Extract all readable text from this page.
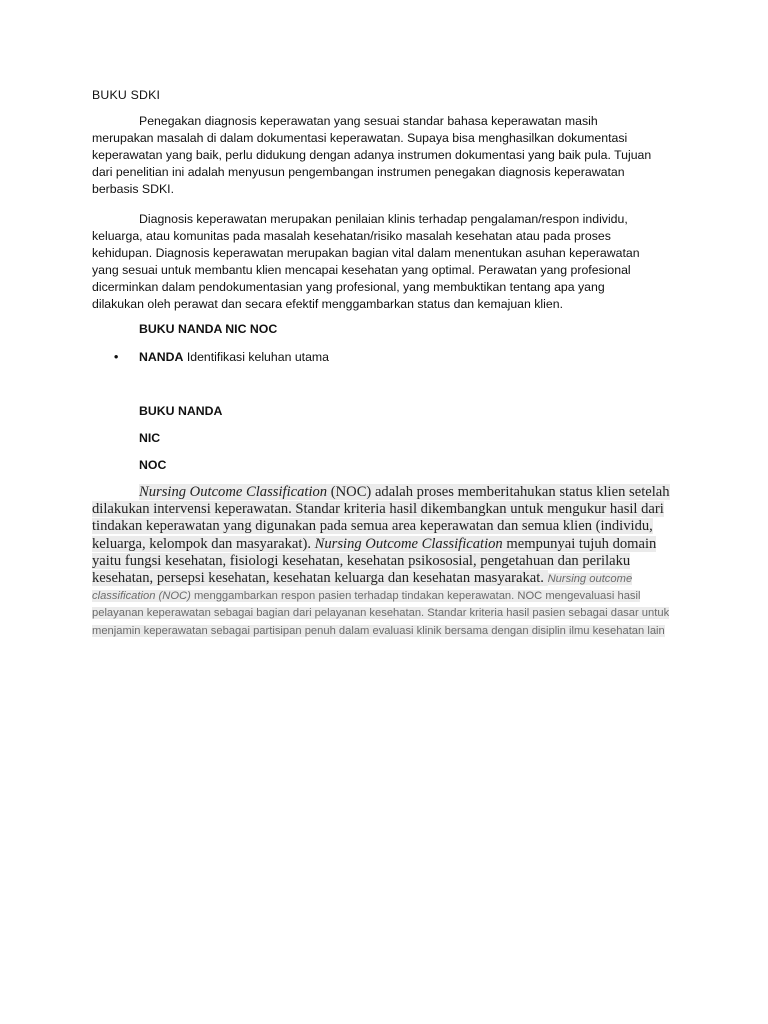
BUKU SDKI

Penegakan diagnosis keperawatan yang sesuai standar bahasa keperawatan masih merupakan masalah di dalam dokumentasi keperawatan. Supaya bisa menghasilkan dokumentasi keperawatan yang baik, perlu didukung dengan adanya instrumen dokumentasi yang baik pula. Tujuan dari penelitian ini adalah menyusun pengembangan instrumen penegakan diagnosis keperawatan berbasis SDKI.

Diagnosis keperawatan merupakan penilaian klinis terhadap pengalaman/respon individu, keluarga, atau komunitas pada masalah kesehatan/risiko masalah kesehatan atau pada proses kehidupan. Diagnosis keperawatan merupakan bagian vital dalam menentukan asuhan keperawatan yang sesuai untuk membantu klien mencapai kesehatan yang optimal. Perawatan yang profesional dicerminkan dalam pendokumentasian yang profesional, yang membuktikan tentang apa yang dilakukan oleh perawat dan secara efektif menggambarkan status dan kemajuan klien.

BUKU NANDA NIC NOC
• NANDA Identifikasi keluhan utama
BUKU NANDA
NIC
NOC

Nursing Outcome Classification (NOC) adalah proses memberitahukan status klien setelah dilakukan intervensi keperawatan. Standar kriteria hasil dikembangkan untuk mengukur hasil dari tindakan keperawatan yang digunakan pada semua area keperawatan dan semua klien (individu, keluarga, kelompok dan masyarakat). Nursing Outcome Classification mempunyai tujuh domain yaitu fungsi kesehatan, fisiologi kesehatan, kesehatan psikososial, pengetahuan dan perilaku kesehatan, persepsi kesehatan, kesehatan keluarga dan kesehatan masyarakat. Nursing outcome classification (NOC) menggambarkan respon pasien terhadap tindakan keperawatan. NOC mengevaluasi hasil pelayanan keperawatan sebagai bagian dari pelayanan kesehatan. Standar kriteria hasil pasien sebagai dasar untuk menjamin keperawatan sebagai partisipan penuh dalam evaluasi klinik bersama dengan disiplin ilmu kesehatan lain
